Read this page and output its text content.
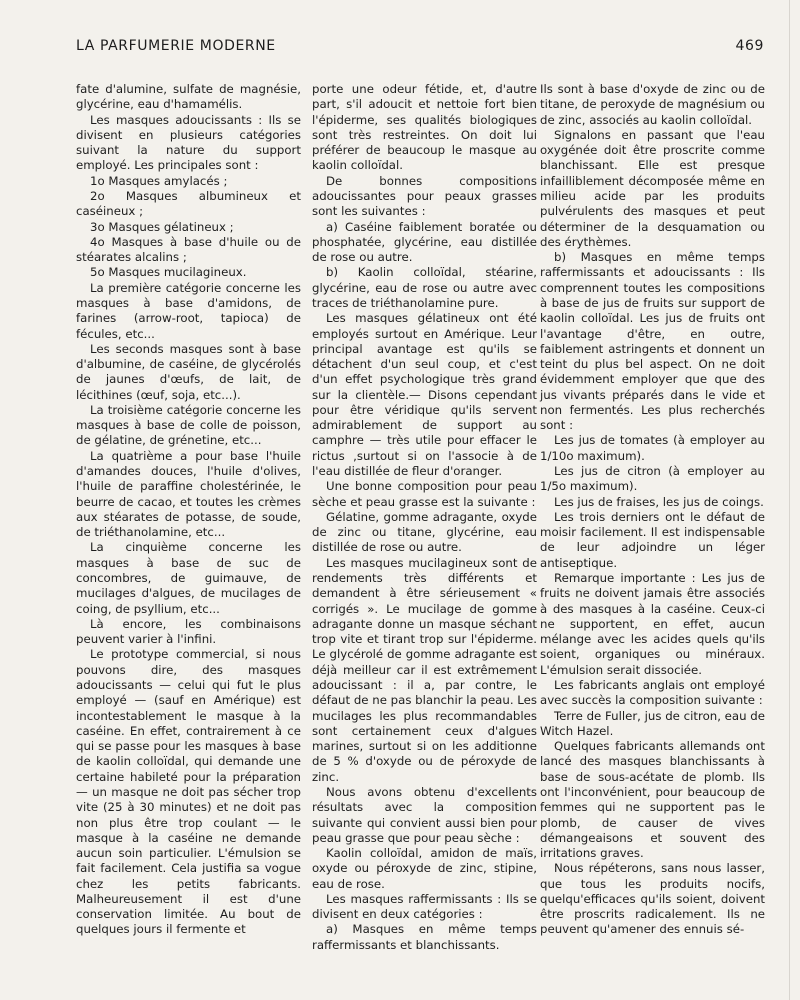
LA PARFUMERIE MODERNE	469

fate d'alumine, sulfate de magnésie, glycérine, eau d'hamamélis.

Les masques adoucissants : Ils se divisent en plusieurs catégories suivant la nature du support employé. Les principales sont :

1o Masques amylacés ;

2o Masques albumineux et caséineux ;

3o Masques gélatineux ;

4o Masques à base d'huile ou de stéarates alcalins ;

5o Masques mucilagineux.

La première catégorie concerne les masques à base d'amidons, de farines (arrow-root, tapioca) de fécules, etc...

Les seconds masques sont à base d'albumine, de caséine, de glycérolés de jaunes d'œufs, de lait, de lécithines (œuf, soja, etc...).

La troisième catégorie concerne les masques à base de colle de poisson, de gélatine, de grénetine, etc...

La quatrième a pour base l'huile d'amandes douces, l'huile d'olives, l'huile de paraffine cholestérinée, le beurre de cacao, et toutes les crèmes aux stéarates de potasse, de soude, de triéthanolamine, etc...

La cinquième concerne les masques à base de suc de concombres, de guimauve, de mucilages d'algues, de mucilages de coing, de psyllium, etc...

Là encore, les combinaisons peuvent varier à l'infini.

Le prototype commercial, si nous pouvons dire, des masques adoucissants — celui qui fut le plus employé — (sauf en Amérique) est incontestablement le masque à la caséine. En effet, contrairement à ce qui se passe pour les masques à base de kaolin colloïdal, qui demande une certaine habileté pour la préparation — un masque ne doit pas sécher trop vite (25 à 30 minutes) et ne doit pas non plus être trop coulant — le masque à la caséine ne demande aucun soin particulier. L'émulsion se fait facilement. Cela justifia sa vogue chez les petits fabricants. Malheureusement il est d'une conservation limitée. Au bout de quelques jours il fermente et

porte une odeur fétide, et, d'autre part, s'il adoucit et nettoie fort bien l'épiderme, ses qualités biologiques sont très restreintes. On doit lui préférer de beaucoup le masque au kaolin colloïdal.

De bonnes compositions adoucissantes pour peaux grasses sont les suivantes :

a) Caséine faiblement boratée ou phosphatée, glycérine, eau distillée de rose ou autre.

b) Kaolin colloïdal, stéarine, glycérine, eau de rose ou autre avec traces de triéthanolamine pure.

Les masques gélatineux ont été employés surtout en Amérique. Leur principal avantage est qu'ils se détachent d'un seul coup, et c'est d'un effet psychologique très grand sur la clientèle.— Disons cependant pour être véridique qu'ils servent admirablement de support au camphre — très utile pour effacer le rictus ,surtout si on l'associe à de l'eau distillée de fleur d'oranger.

Une bonne composition pour peau sèche et peau grasse est la suivante :

Gélatine, gomme adragante, oxyde de zinc ou titane, glycérine, eau distillée de rose ou autre.

Les masques mucilagineux sont de rendements très différents et demandent à être sérieusement « corrigés ». Le mucilage de gomme adragante donne un masque séchant trop vite et tirant trop sur l'épiderme. Le glycérolé de gomme adragante est déjà meilleur car il est extrêmement adoucissant : il a, par contre, le défaut de ne pas blanchir la peau. Les mucilages les plus recommandables sont certainement ceux d'algues marines, surtout si on les additionne de 5 % d'oxyde ou de péroxyde de zinc.

Nous avons obtenu d'excellents résultats avec la composition suivante qui convient aussi bien pour peau grasse que pour peau sèche :

Kaolin colloïdal, amidon de maïs, oxyde ou péroxyde de zinc, stipine, eau de rose.

Les masques raffermissants : Ils se divisent en deux catégories :

a) Masques en même temps raffermissants et blanchissants.

Ils sont à base d'oxyde de zinc ou de titane, de peroxyde de magnésium ou de zinc, associés au kaolin colloïdal.

Signalons en passant que l'eau oxygénée doit être proscrite comme blanchissant. Elle est presque infailliblement décomposée même en milieu acide par les produits pulvérulents des masques et peut déterminer de la desquamation ou des érythèmes.

b) Masques en même temps raffermissants et adoucissants : Ils comprennent toutes les compositions à base de jus de fruits sur support de kaolin colloïdal. Les jus de fruits ont l'avantage d'être, en outre, faiblement astringents et donnent un teint du plus bel aspect. On ne doit évidemment employer que que des jus vivants préparés dans le vide et non fermentés. Les plus recherchés sont :

Les jus de tomates (à employer au 1/10o maximum).

Les jus de citron (à employer au 1/5o maximum).

Les jus de fraises, les jus de coings.

Les trois derniers ont le défaut de moisir facilement. Il est indispensable de leur adjoindre un léger antiseptique.

Remarque importante : Les jus de fruits ne doivent jamais être associés à des masques à la caséine. Ceux-ci ne supportent, en effet, aucun mélange avec les acides quels qu'ils soient, organiques ou minéraux. L'émulsion serait dissociée.

Les fabricants anglais ont employé avec succès la composition suivante :

Terre de Fuller, jus de citron, eau de Witch Hazel.

Quelques fabricants allemands ont lancé des masques blanchissants à base de sous-acétate de plomb. Ils ont l'inconvénient, pour beaucoup de femmes qui ne supportent pas le plomb, de causer de vives démangeaisons et souvent des irritations graves.

Nous répéterons, sans nous lasser, que tous les produits nocifs, quelqu'efficaces qu'ils soient, doivent être proscrits radicalement. Ils ne peuvent qu'amener des ennuis sé-
